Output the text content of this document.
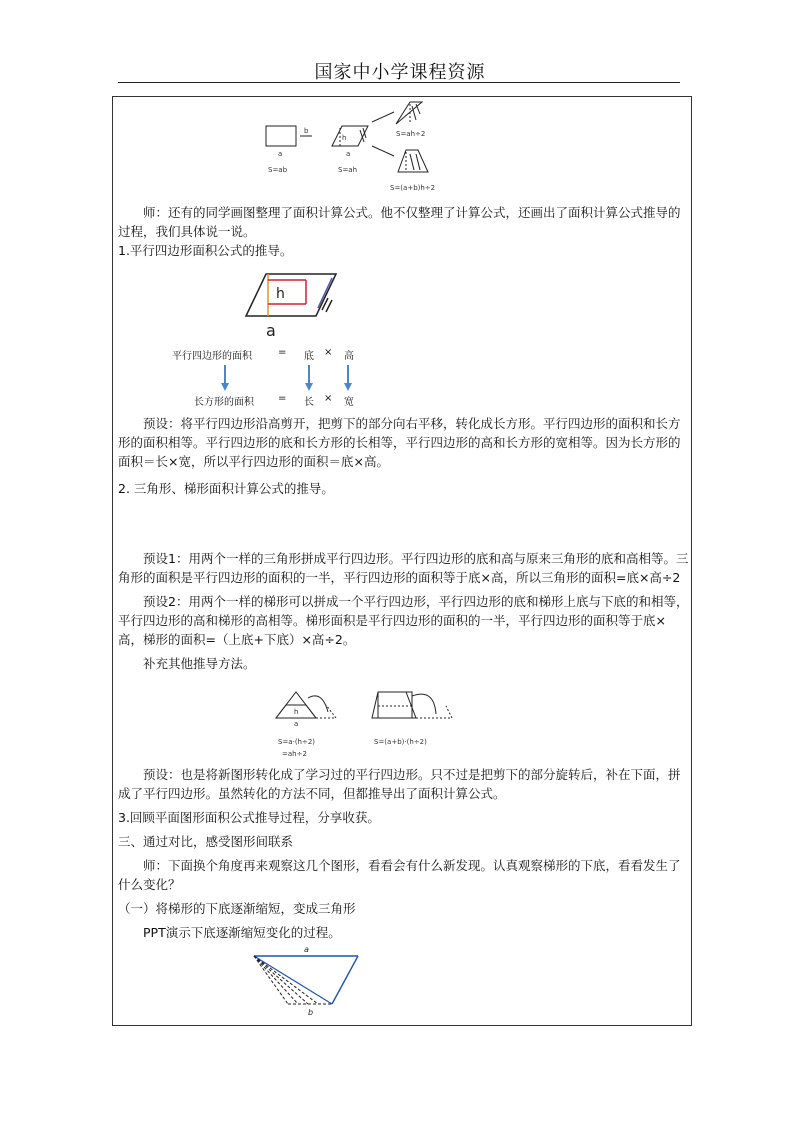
国家中小学课程资源
b
a
h
a
S=ab	S=ah
S=ah÷2
S=(a+b)h÷2

师：还有的同学画图整理了面积计算公式。他不仅整理了计算公式，还画出了面积计算公式推导的过程，我们具体说一说。

1.平行四边形面积公式的推导。

h
a
平行四边形的面积	= 底 × 高
长方形的面积 = 长 × 宽

预设：将平行四边形沿高剪开，把剪下的部分向右平移，转化成长方形。平行四边形的面积和长方形的面积相等。平行四边形的底和长方形的长相等，平行四边形的高和长方形的宽相等。因为长方形的面积＝长×宽，所以平行四边形的面积＝底×高。

2. 三角形、梯形面积计算公式的推导。

预设1：用两个一样的三角形拼成平行四边形。平行四边形的底和高与原来三角形的底和高相等。三角形的面积是平行四边形的面积的一半，平行四边形的面积等于底×高，所以三角形的面积=底×高÷2

预设2：用两个一样的梯形可以拼成一个平行四边形，平行四边形的底和梯形上底与下底的和相等，平行四边形的高和梯形的高相等。梯形面积是平行四边形的面积的一半，平行四边形的面积等于底×高，梯形的面积=（上底+下底）×高÷2。

补充其他推导方法。

h
a
S=a·(h÷2)
=ah÷2
S=(a+b)·(h÷2)

预设：也是将新图形转化成了学习过的平行四边形。只不过是把剪下的部分旋转后，补在下面，拼成了平行四边形。虽然转化的方法不同，但都推导出了面积计算公式。

3.回顾平面图形面积公式推导过程，分享收获。

三、通过对比，感受图形间联系

师：下面换个角度再来观察这几个图形，看看会有什么新发现。认真观察梯形的下底，看看发生了什么变化？

（一）将梯形的下底逐渐缩短，变成三角形

PPT演示下底逐渐缩短变化的过程。

a
b
